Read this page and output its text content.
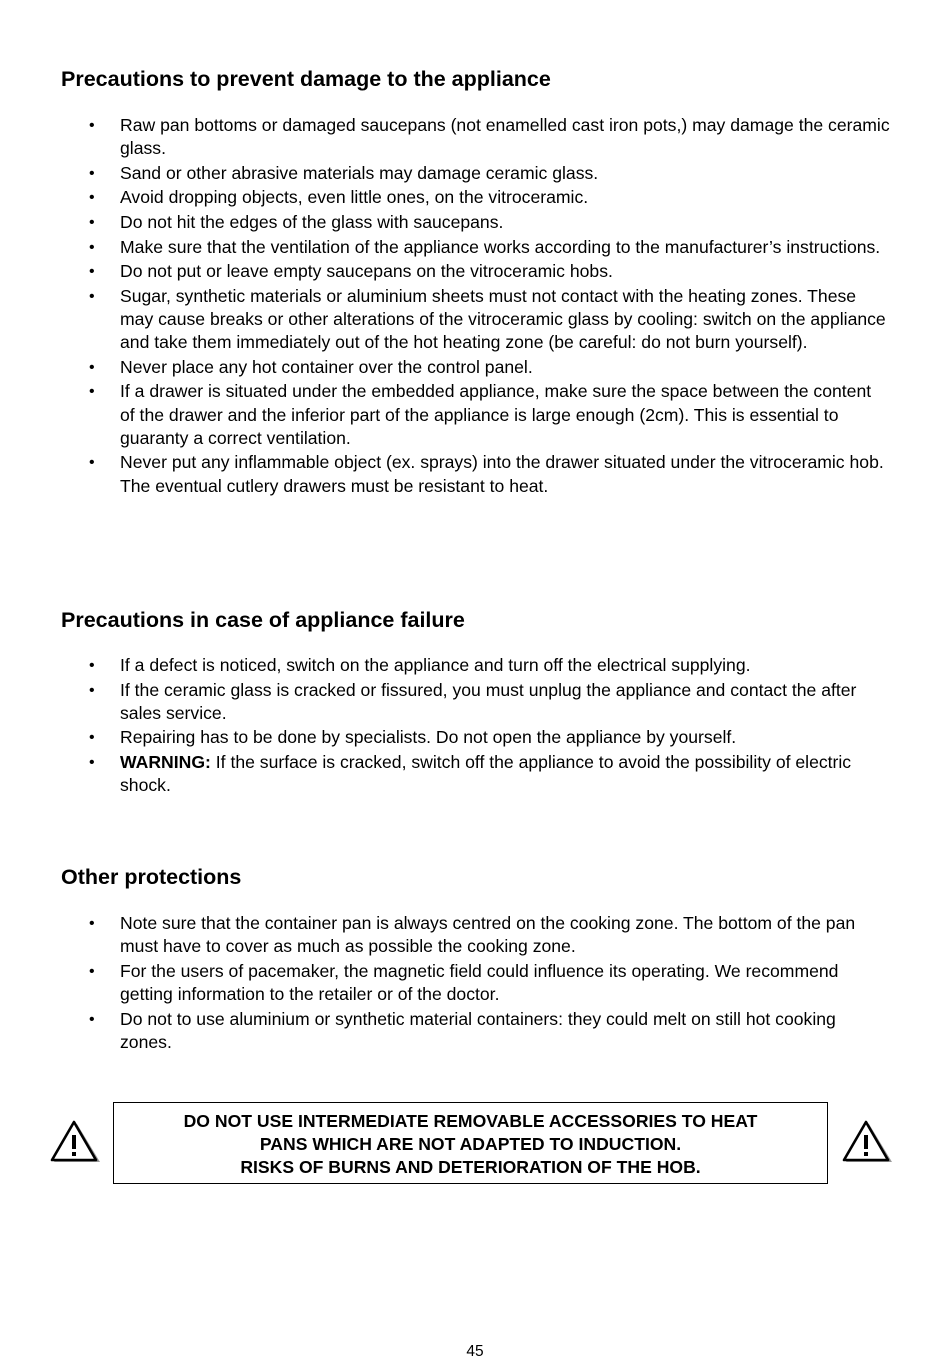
Precautions to prevent damage to the appliance
• Raw pan bottoms or damaged saucepans (not enamelled cast iron pots,) may damage the ceramic glass.
• Sand or other abrasive materials may damage ceramic glass.
• Avoid dropping objects, even little ones, on the vitroceramic.
• Do not hit the edges of the glass with saucepans.
• Make sure that the ventilation of the appliance works according to the manufacturer’s instructions.
• Do not put or leave empty saucepans on the vitroceramic hobs.
• Sugar, synthetic materials or aluminium sheets must not contact with the heating zones. These may cause breaks or other alterations of the vitroceramic glass by cooling: switch on the appliance and take them immediately out of the hot heating zone (be careful: do not burn yourself).
• Never place any hot container over the control panel.
• If a drawer is situated under the embedded appliance, make sure the space between the content of the drawer and the inferior part of the appliance is large enough (2cm). This is essential to guaranty a correct ventilation.
• Never put any inflammable object (ex. sprays) into the drawer situated under the vitroceramic hob. The eventual cutlery drawers must be resistant to heat.
Precautions in case of appliance failure
• If a defect is noticed, switch on the appliance and turn off the electrical supplying.
• If the ceramic glass is cracked or fissured, you must unplug the appliance and contact the after sales service.
• Repairing has to be done by specialists. Do not open the appliance by yourself.
• WARNING: If the surface is cracked, switch off the appliance to avoid the possibility of electric shock.
Other protections
• Note sure that the container pan is always centred on the cooking zone. The bottom of the pan must have to cover as much as possible the cooking zone.
• For the users of pacemaker, the magnetic field could influence its operating. We recommend getting information to the retailer or of the doctor.
• Do not to use aluminium or synthetic material containers: they could melt on still hot cooking zones.
DO NOT USE INTERMEDIATE REMOVABLE ACCESSORIES TO HEAT
PANS WHICH ARE NOT ADAPTED TO INDUCTION.
RISKS OF BURNS AND DETERIORATION OF THE HOB.
45
